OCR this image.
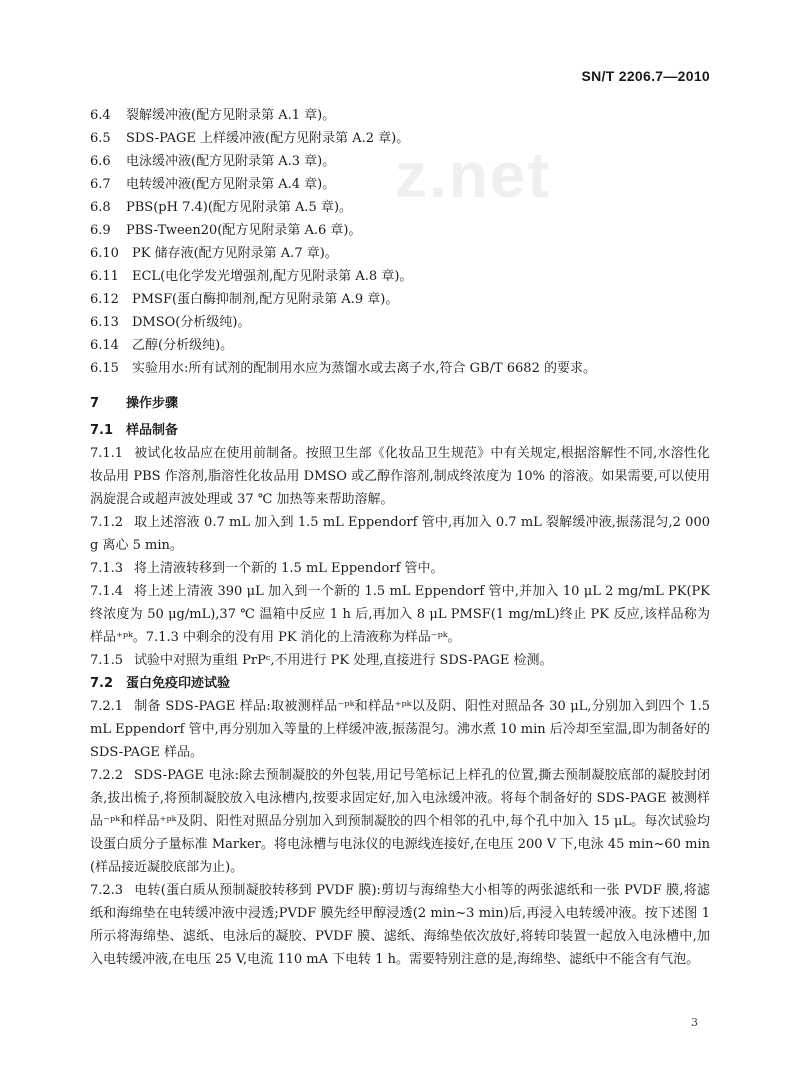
SN/T 2206.7—2010
z.net
6.4 裂解缓冲液(配方见附录第 A.1 章)。
6.5 SDS-PAGE 上样缓冲液(配方见附录第 A.2 章)。
6.6 电泳缓冲液(配方见附录第 A.3 章)。
6.7 电转缓冲液(配方见附录第 A.4 章)。
6.8 PBS(pH 7.4)(配方见附录第 A.5 章)。
6.9 PBS-Tween20(配方见附录第 A.6 章)。
6.10 PK 储存液(配方见附录第 A.7 章)。
6.11 ECL(电化学发光增强剂,配方见附录第 A.8 章)。
6.12 PMSF(蛋白酶抑制剂,配方见附录第 A.9 章)。
6.13 DMSO(分析级纯)。
6.14 乙醇(分析级纯)。
6.15 实验用水:所有试剂的配制用水应为蒸馏水或去离子水,符合 GB/T 6682 的要求。
7 操作步骤
7.1 样品制备
7.1.1 被试化妆品应在使用前制备。按照卫生部《化妆品卫生规范》中有关规定,根据溶解性不同,水溶性化妆品用 PBS 作溶剂,脂溶性化妆品用 DMSO 或乙醇作溶剂,制成终浓度为 10% 的溶液。如果需要,可以使用涡旋混合或超声波处理或 37 ℃ 加热等来帮助溶解。
7.1.2 取上述溶液 0.7 mL 加入到 1.5 mL Eppendorf 管中,再加入 0.7 mL 裂解缓冲液,振荡混匀,2 000g 离心 5 min。
7.1.3 将上清液转移到一个新的 1.5 mL Eppendorf 管中。
7.1.4 将上述上清液 390 μL 加入到一个新的 1.5 mL Eppendorf 管中,并加入 10 μL 2 mg/mL PK(PK 终浓度为 50 μg/mL),37 ℃ 温箱中反应 1 h 后,再加入 8 μL PMSF(1 mg/mL)终止 PK 反应,该样品称为样品⁺ᵖᵏ。7.1.3 中剩余的没有用 PK 消化的上清液称为样品⁻ᵖᵏ。
7.1.5 试验中对照为重组 PrPᶜ,不用进行 PK 处理,直接进行 SDS-PAGE 检测。
7.2 蛋白免疫印迹试验
7.2.1 制备 SDS-PAGE 样品:取被测样品⁻ᵖᵏ和样品⁺ᵖᵏ以及阴、阳性对照品各 30 μL,分别加入到四个 1.5 mL Eppendorf 管中,再分别加入等量的上样缓冲液,振荡混匀。沸水煮 10 min 后冷却至室温,即为制备好的 SDS-PAGE 样品。
7.2.2 SDS-PAGE 电泳:除去预制凝胶的外包装,用记号笔标记上样孔的位置,撕去预制凝胶底部的凝胶封闭条,拔出梳子,将预制凝胶放入电泳槽内,按要求固定好,加入电泳缓冲液。将每个制备好的 SDS-PAGE 被测样品⁻ᵖᵏ和样品⁺ᵖᵏ及阴、阳性对照品分别加入到预制凝胶的四个相邻的孔中,每个孔中加入 15 μL。每次试验均设蛋白质分子量标准 Marker。将电泳槽与电泳仪的电源线连接好,在电压 200 V 下,电泳 45 min~60 min(样品接近凝胶底部为止)。
7.2.3 电转(蛋白质从预制凝胶转移到 PVDF 膜):剪切与海绵垫大小相等的两张滤纸和一张 PVDF 膜,将滤纸和海绵垫在电转缓冲液中浸透;PVDF 膜先经甲醇浸透(2 min~3 min)后,再浸入电转缓冲液。按下述图 1 所示将海绵垫、滤纸、电泳后的凝胶、PVDF 膜、滤纸、海绵垫依次放好,将转印装置一起放入电泳槽中,加入电转缓冲液,在电压 25 V,电流 110 mA 下电转 1 h。需要特别注意的是,海绵垫、滤纸中不能含有气泡。
3
